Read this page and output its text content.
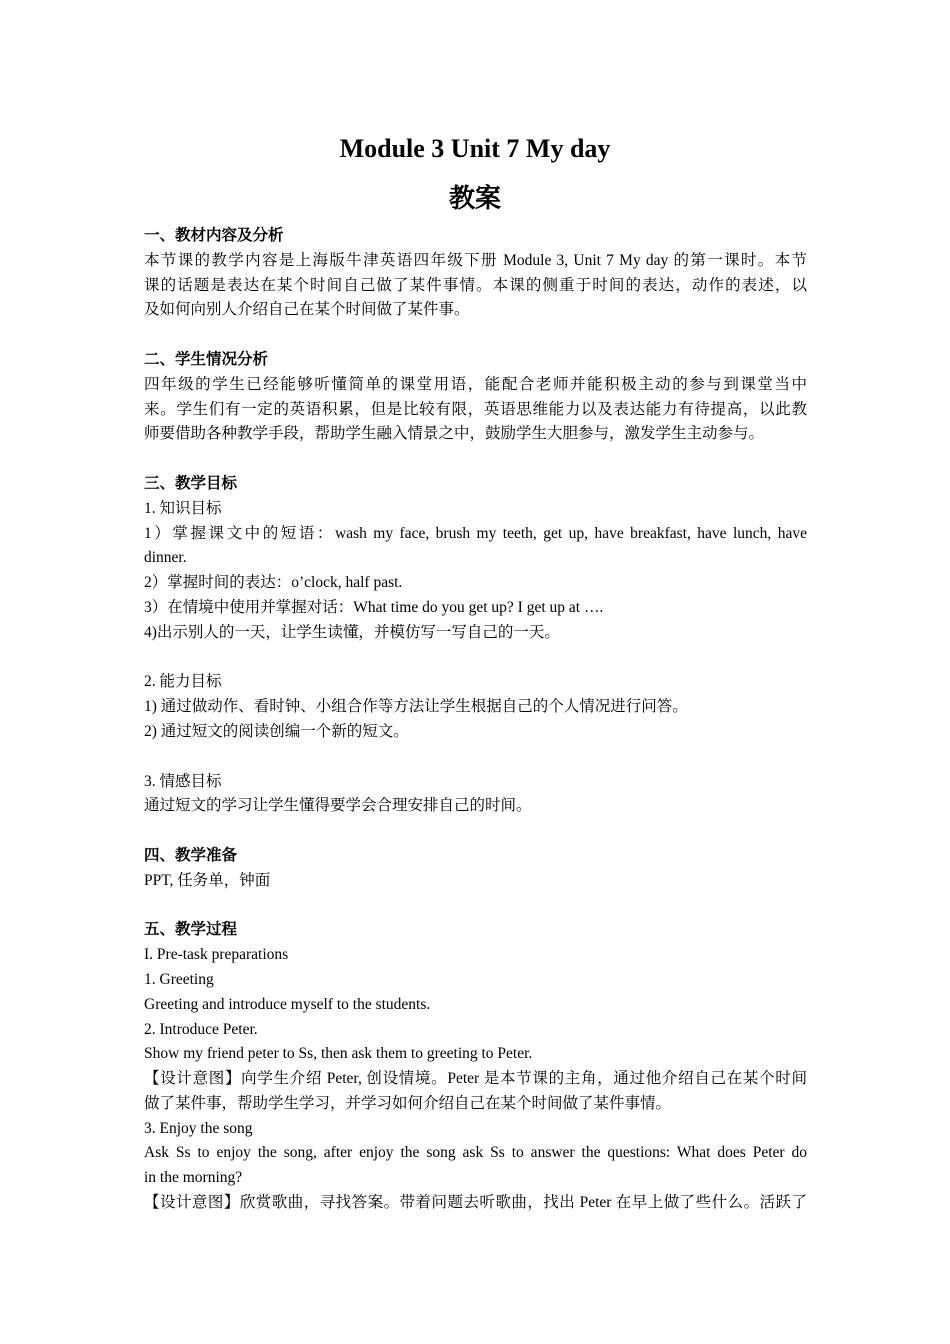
Module 3 Unit 7 My day
教案
一、教材内容及分析
本节课的教学内容是上海版牛津英语四年级下册 Module 3, Unit 7 My day 的第一课时。本节
课的话题是表达在某个时间自己做了某件事情。本课的侧重于时间的表达，动作的表述，以
及如何向别人介绍自己在某个时间做了某件事。
二、学生情况分析
四年级的学生已经能够听懂简单的课堂用语，能配合老师并能积极主动的参与到课堂当中
来。学生们有一定的英语积累，但是比较有限，英语思维能力以及表达能力有待提高，以此教
师要借助各种教学手段，帮助学生融入情景之中，鼓励学生大胆参与，激发学生主动参与。
三、教学目标
1. 知识目标
1）掌握课文中的短语：wash my face, brush my teeth, get up, have breakfast, have lunch, have
dinner.
2）掌握时间的表达：o’clock, half past.
3）在情境中使用并掌握对话：What time do you get up? I get up at ….
4)出示别人的一天，让学生读懂，并模仿写一写自己的一天。
2. 能力目标
1) 通过做动作、看时钟、小组合作等方法让学生根据自己的个人情况进行问答。
2) 通过短文的阅读创编一个新的短文。
3. 情感目标
通过短文的学习让学生懂得要学会合理安排自己的时间。
四、教学准备
PPT, 任务单，钟面
五、教学过程
I. Pre-task preparations
1. Greeting
Greeting and introduce myself to the students.
2. Introduce Peter.
Show my friend peter to Ss, then ask them to greeting to Peter.
【设计意图】向学生介绍 Peter, 创设情境。Peter 是本节课的主角，通过他介绍自己在某个时间
做了某件事，帮助学生学习，并学习如何介绍自己在某个时间做了某件事情。
3. Enjoy the song
Ask Ss to enjoy the song, after enjoy the song ask Ss to answer the questions: What does Peter do
in the morning?
【设计意图】欣赏歌曲，寻找答案。带着问题去听歌曲，找出 Peter 在早上做了些什么。活跃了
